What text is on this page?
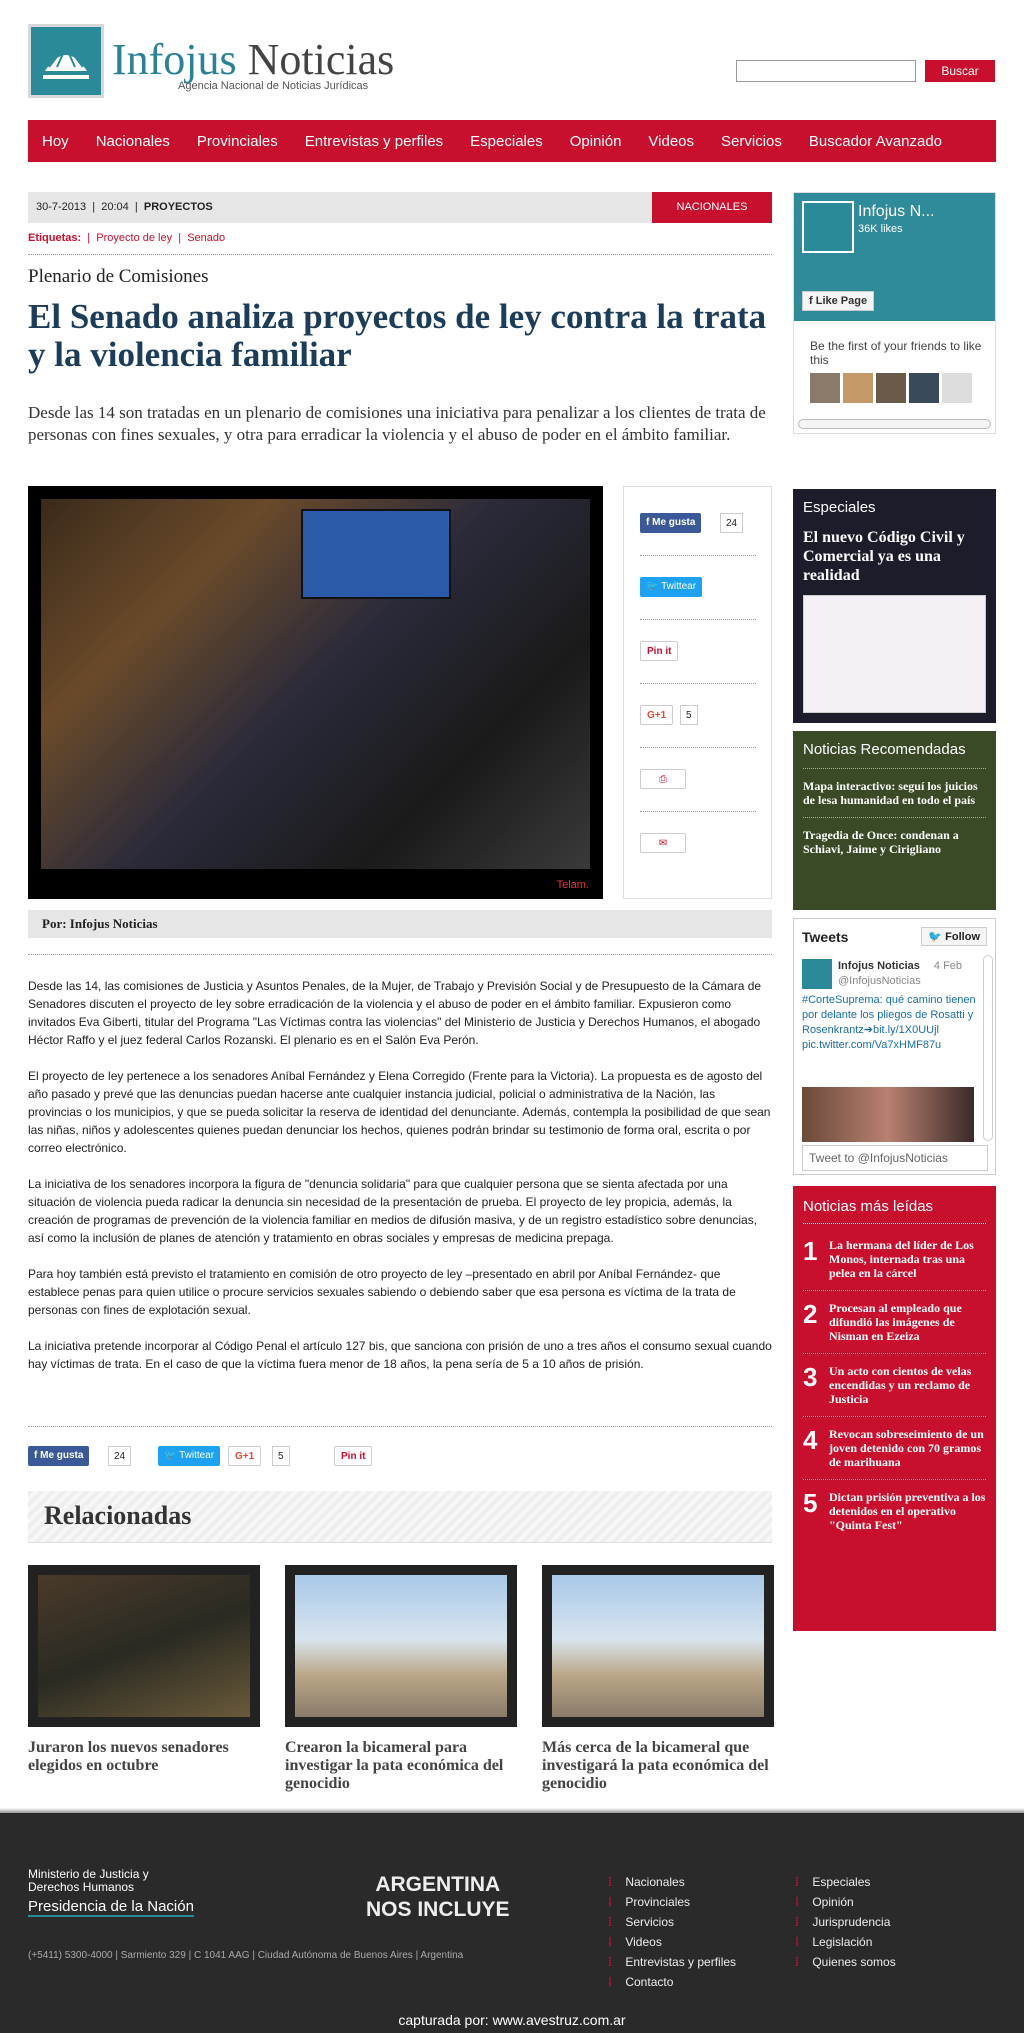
Infojus Noticias
Agencia Nacional de Noticias Jurídicas
Buscar
Hoy	Nacionales	Provinciales	Entrevistas y perfiles	Especiales	Opinión	Videos	Servicios	Buscador Avanzado
30-7-2013  |  20:04  |  PROYECTOS	NACIONALES
Etiquetas:  |  Proyecto de ley  |  Senado
Plenario de Comisiones
El Senado analiza proyectos de ley contra la trata y la violencia familiar
Desde las 14 son tratadas en un plenario de comisiones una iniciativa para penalizar a los clientes de trata de personas con fines sexuales, y otra para erradicar la violencia y el abuso de poder en el ámbito familiar.
Telam.
f Me gusta	24
🐦 Twittear
Pin it
G+1	5
⎙
✉
Por: Infojus Noticias

Desde las 14, las comisiones de Justicia y Asuntos Penales, de la Mujer, de Trabajo y Previsión Social y de Presupuesto de la Cámara de Senadores discuten el proyecto de ley sobre erradicación de la violencia y el abuso de poder en el ámbito familiar. Expusieron como invitados Eva Giberti, titular del Programa "Las Víctimas contra las violencias" del Ministerio de Justicia y Derechos Humanos, el abogado Héctor Raffo y el juez federal Carlos Rozanski. El plenario es en el Salón Eva Perón.

El proyecto de ley pertenece a los senadores Aníbal Fernández y Elena Corregido (Frente para la Victoria). La propuesta es de agosto del año pasado y prevé que las denuncias puedan hacerse ante cualquier instancia judicial, policial o administrativa de la Nación, las provincias o los municipios, y que se pueda solicitar la reserva de identidad del denunciante. Además, contempla la posibilidad de que sean las niñas, niños y adolescentes quienes puedan denunciar los hechos, quienes podrán brindar su testimonio de forma oral, escrita o por correo electrónico.

La iniciativa de los senadores incorpora la figura de "denuncia solidaria" para que cualquier persona que se sienta afectada por una situación de violencia pueda radicar la denuncia sin necesidad de la presentación de prueba. El proyecto de ley propicia, además, la creación de programas de prevención de la violencia familiar en medios de difusión masiva, y de un registro estadístico sobre denuncias, así como la inclusión de planes de atención y tratamiento en obras sociales y empresas de medicina prepaga.

Para hoy también está previsto el tratamiento en comisión de otro proyecto de ley –presentado en abril por Aníbal Fernández- que establece penas para quien utilice o procure servicios sexuales sabiendo o debiendo saber que esa persona es víctima de la trata de personas con fines de explotación sexual.

La iniciativa pretende incorporar al Código Penal el artículo 127 bis, que sanciona con prisión de uno a tres años el consumo sexual cuando hay víctimas de trata. En el caso de que la víctima fuera menor de 18 años, la pena sería de 5 a 10 años de prisión.

f Me gusta	24	🐦 Twittear	G+1	5	Pin it
Relacionadas
Juraron los nuevos senadores elegidos en octubre
Crearon la bicameral para investigar la pata económica del genocidio
Más cerca de la bicameral que investigará la pata económica del genocidio
Infojus N...
36K likes
f Like Page
Be the first of your friends to like this
Especiales
El nuevo Código Civil y Comercial ya es una realidad
Noticias Recomendadas
Mapa interactivo: seguí los juicios de lesa humanidad en todo el país
Tragedia de Once: condenan a Schiavi, Jaime y Cirigliano
Tweets	🐦 Follow
Infojus Noticias 4 Feb

@InfojusNoticias
#CorteSuprema: qué camino tienen por delante los pliegos de Rosatti y Rosenkrantz➔bit.ly/1X0UUjl pic.twitter.com/Va7xHMF87u
Tweet to @InfojusNoticias
Noticias más leídas
1 La hermana del líder de Los Monos, internada tras una pelea en la cárcel
2 Procesan al empleado que difundió las imágenes de Nisman en Ezeiza
3 Un acto con cientos de velas encendidas y un reclamo de Justicia
4 Revocan sobreseimiento de un joven detenido con 70 gramos de marihuana
5 Dictan prisión preventiva a los detenidos en el operativo "Quinta Fest"
Ministerio de Justicia y Derechos Humanos
Presidencia de la Nación
ARGENTINA
NOS INCLUYE
(+5411) 5300-4000 | Sarmiento 329 | C 1041 AAG | Ciudad Autónoma de Buenos Aires | Argentina
⁞ Nacionales
⁞ Provinciales
⁞ Servicios
⁞ Videos
⁞ Entrevistas y perfiles
⁞ Contacto
⁞ Especiales
⁞ Opinión
⁞ Jurisprudencia
⁞ Legislación
⁞ Quienes somos
capturada por: www.avestruz.com.ar
